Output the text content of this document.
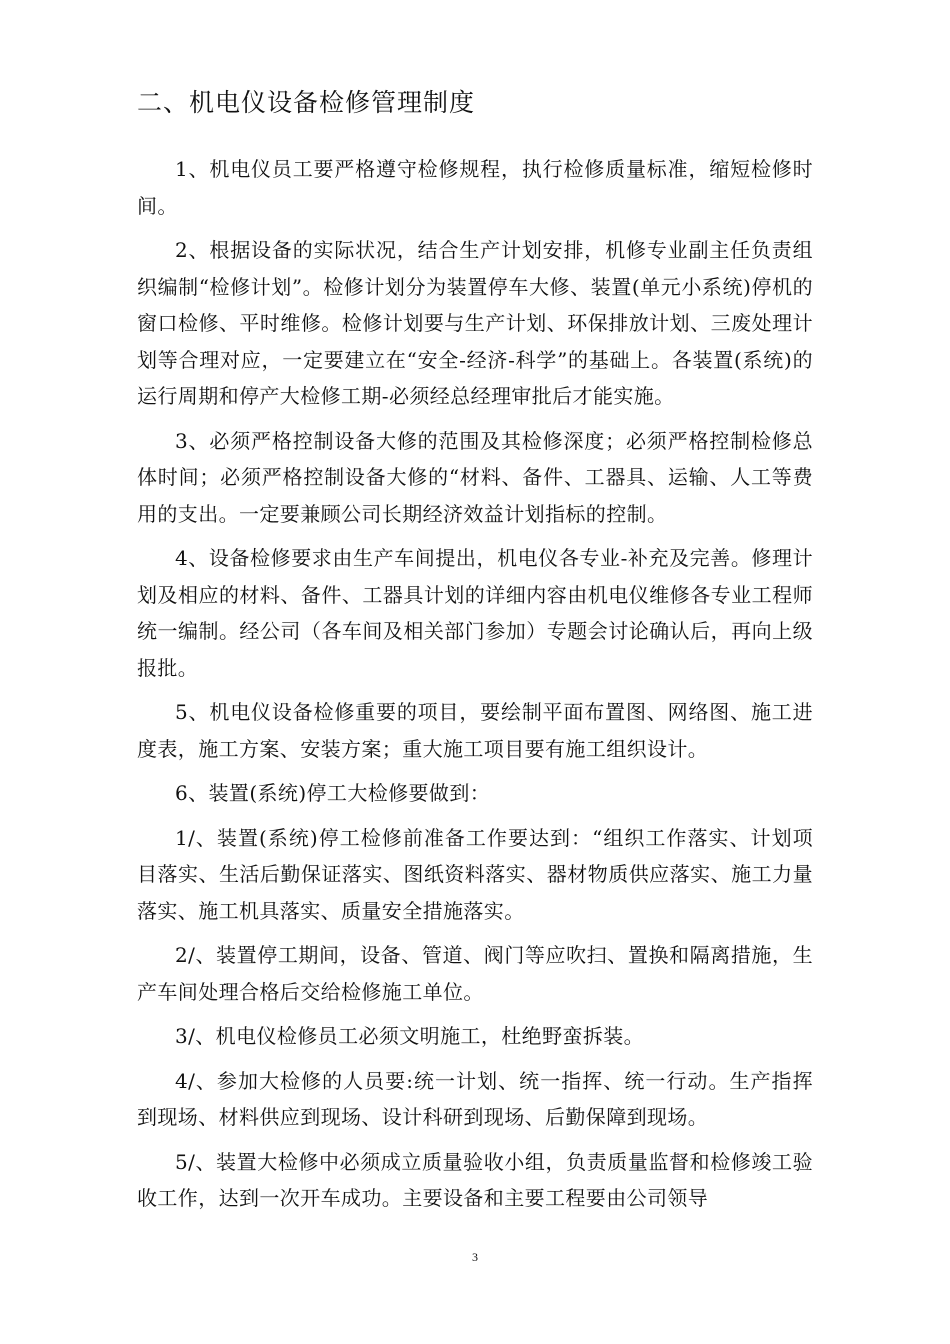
二、机电仪设备检修管理制度

1、机电仪员工要严格遵守检修规程，执行检修质量标准，缩短检修时间。

2、根据设备的实际状况，结合生产计划安排，机修专业副主任负责组织编制“检修计划”。检修计划分为装置停车大修、装置(单元小系统)停机的窗口检修、平时维修。检修计划要与生产计划、环保排放计划、三废处理计划等合理对应，一定要建立在“安全-经济-科学”的基础上。各装置(系统)的运行周期和停产大检修工期-必须经总经理审批后才能实施。

3、必须严格控制设备大修的范围及其检修深度；必须严格控制检修总体时间；必须严格控制设备大修的“材料、备件、工器具、运输、人工等费用的支出。一定要兼顾公司长期经济效益计划指标的控制。

4、设备检修要求由生产车间提出，机电仪各专业-补充及完善。修理计划及相应的材料、备件、工器具计划的详细内容由机电仪维修各专业工程师统一编制。经公司（各车间及相关部门参加）专题会讨论确认后，再向上级报批。

5、机电仪设备检修重要的项目，要绘制平面布置图、网络图、施工进度表，施工方案、安装方案；重大施工项目要有施工组织设计。

6、装置(系统)停工大检修要做到：

1/、装置(系统)停工检修前准备工作要达到：“组织工作落实、计划项目落实、生活后勤保证落实、图纸资料落实、器材物质供应落实、施工力量落实、施工机具落实、质量安全措施落实。

2/、装置停工期间，设备、管道、阀门等应吹扫、置换和隔离措施，生产车间处理合格后交给检修施工单位。

3/、机电仪检修员工必须文明施工，杜绝野蛮拆装。

4/、参加大检修的人员要:统一计划、统一指挥、统一行动。生产指挥到现场、材料供应到现场、设计科研到现场、后勤保障到现场。

5/、装置大检修中必须成立质量验收小组，负责质量监督和检修竣工验收工作，达到一次开车成功。主要设备和主要工程要由公司领导

3
